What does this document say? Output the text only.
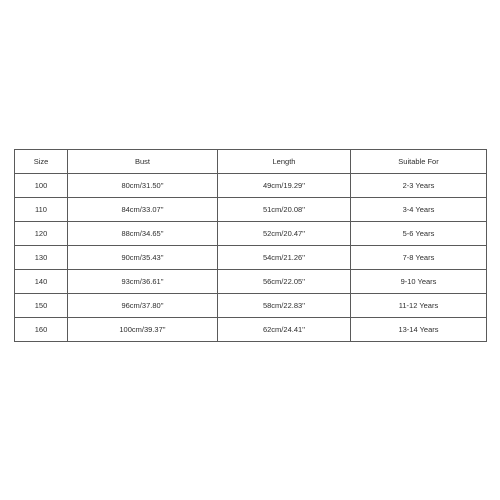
Size	Bust	Length	Suitable For
100	80cm/31.50''	49cm/19.29''	2-3 Years
110	84cm/33.07''	51cm/20.08''	3-4 Years
120	88cm/34.65''	52cm/20.47''	5-6 Years
130	90cm/35.43''	54cm/21.26''	7-8 Years
140	93cm/36.61''	56cm/22.05''	9-10 Years
150	96cm/37.80''	58cm/22.83''	11-12 Years
160	100cm/39.37''	62cm/24.41''	13-14 Years
